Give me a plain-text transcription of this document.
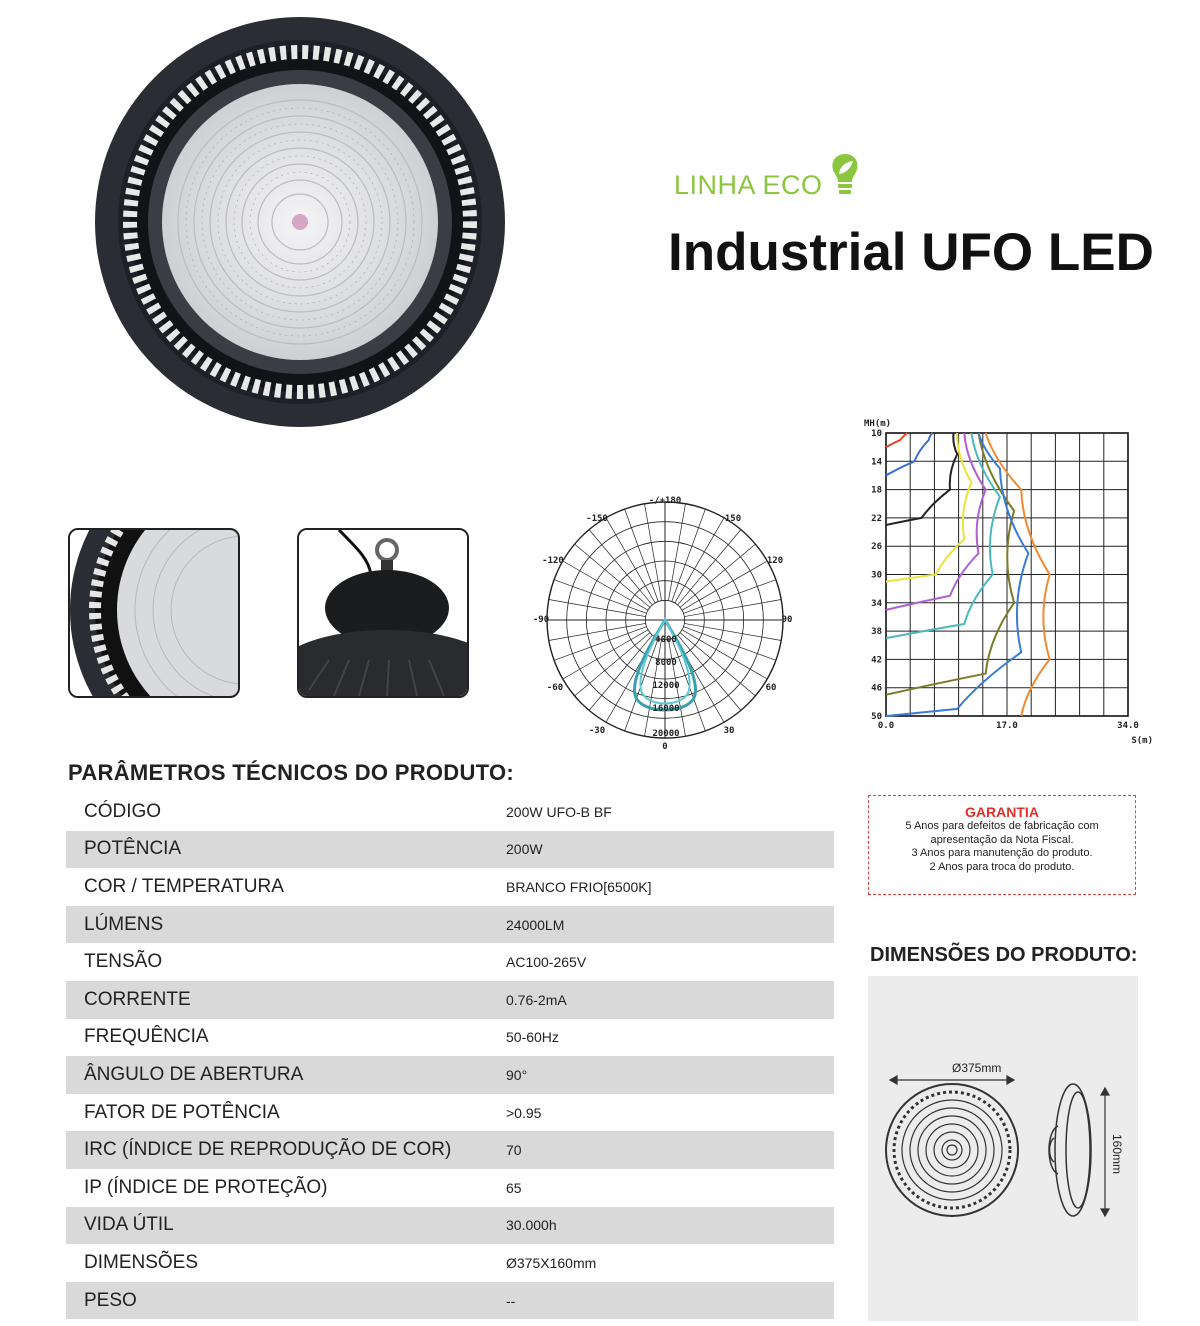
LINHA ECO
Industrial UFO LED
-/+180
-150	150
-120	120
-90	90
-60	60
-30	30
0
4000
8000
12000
16000
20000
MH(m)
S(m)
10
14
18
22
26
30
34
38
42
46
50
0.0	17.0	34.0
PARÂMETROS TÉCNICOS DO PRODUTO:
CÓDIGO	200W UFO-B BF
POTÊNCIA	200W
COR / TEMPERATURA	BRANCO FRIO[6500K]
LÚMENS	24000LM
TENSÃO	AC100-265V
CORRENTE	0.76-2mA
FREQUÊNCIA	50-60Hz
ÂNGULO DE ABERTURA	90°
FATOR DE POTÊNCIA	>0.95
IRC (ÍNDICE DE REPRODUÇÃO DE COR)	70
IP (ÍNDICE DE PROTEÇÃO)	65
VIDA ÚTIL	30.000h
DIMENSÕES	Ø375X160mm
PESO	--
GARANTIA
5 Anos para defeitos de fabricação com
apresentação da Nota Fiscal.
3 Anos para manutenção do produto.
2 Anos para troca do produto.
DIMENSÕES DO PRODUTO:
Ø375mm
160mm
